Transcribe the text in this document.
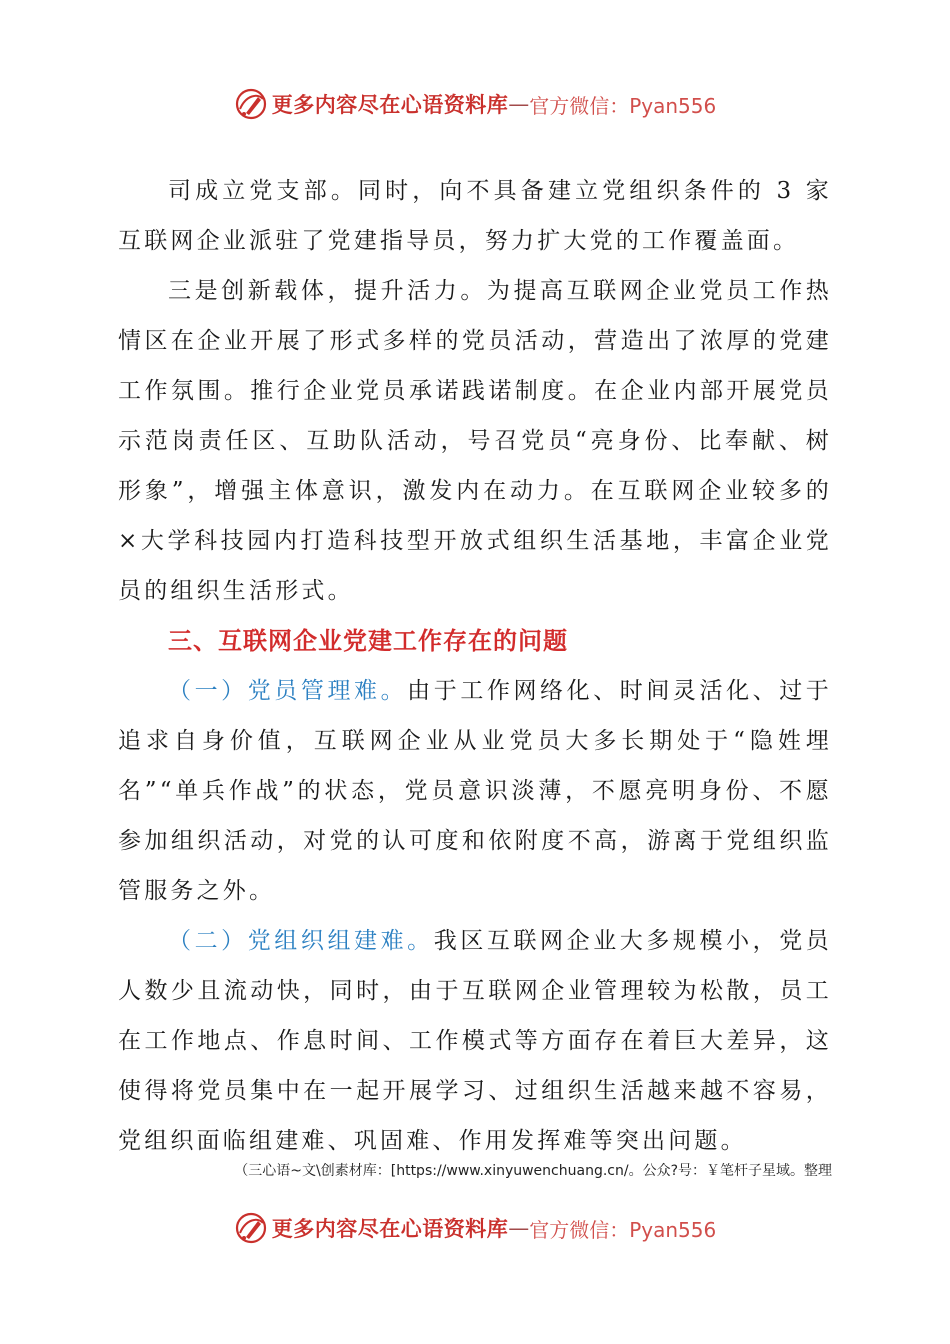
更多内容尽在心语资料库 — 官方微信：Pyan556

司成立党支部。同时，向不具备建立党组织条件的 3 家互联网企业派驻了党建指导员，努力扩大党的工作覆盖面。

三是创新载体，提升活力。为提高互联网企业党员工作热情区在企业开展了形式多样的党员活动，营造出了浓厚的党建工作氛围。推行企业党员承诺践诺制度。在企业内部开展党员示范岗责任区、互助队活动，号召党员“亮身份、比奉献、树形象”，增强主体意识，激发内在动力。在互联网企业较多的×大学科技园内打造科技型开放式组织生活基地，丰富企业党员的组织生活形式。

三、互联网企业党建工作存在的问题

（一）党员管理难。由于工作网络化、时间灵活化、过于追求自身价值，互联网企业从业党员大多长期处于“隐姓埋名”“单兵作战”的状态，党员意识淡薄，不愿亮明身份、不愿参加组织活动，对党的认可度和依附度不高，游离于党组织监管服务之外。

（二）党组织组建难。我区互联网企业大多规模小，党员人数少且流动快，同时，由于互联网企业管理较为松散，员工在工作地点、作息时间、工作模式等方面存在着巨大差异，这使得将党员集中在一起开展学习、过组织生活越来越不容易，党组织面临组建难、巩固难、作用发挥难等突出问题。

（三心语~文\创素材库：[https://www.xinyuwenchuang.cn/。公众?号：￥笔杆子星域。整理
更多内容尽在心语资料库 — 官方微信：Pyan556
